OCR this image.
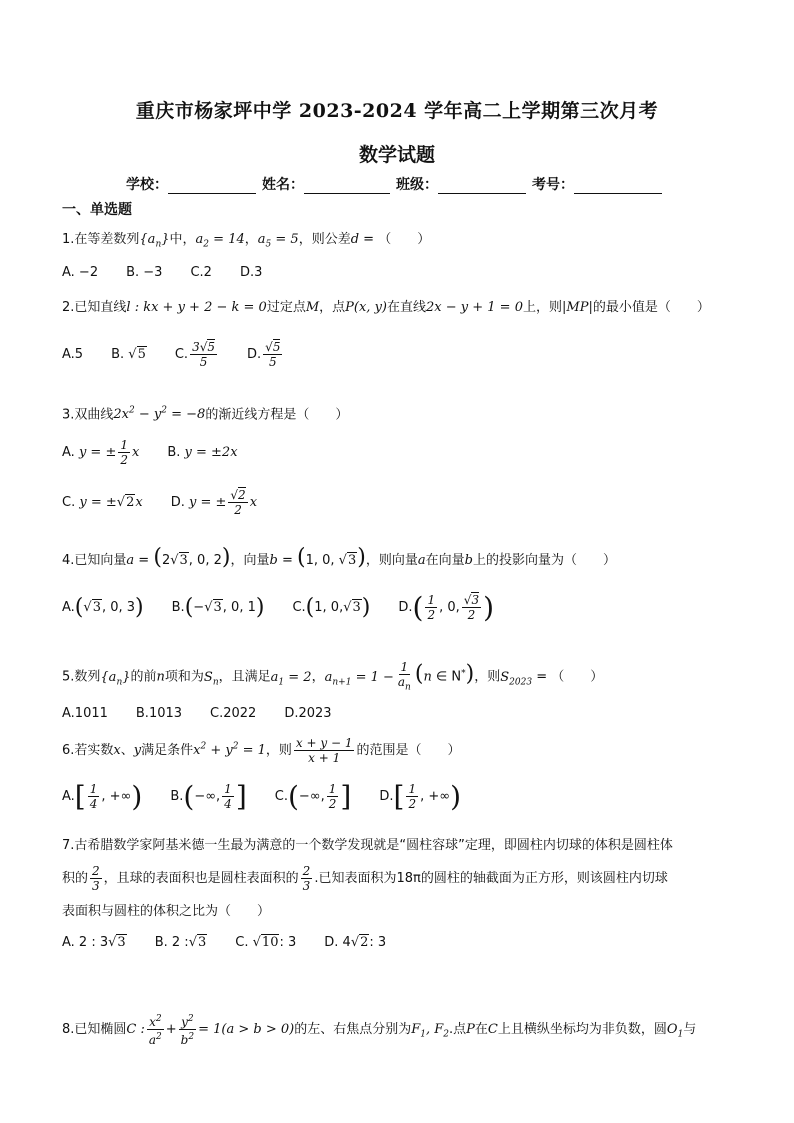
重庆市杨家坪中学 2023-2024 学年高二上学期第三次月考
数学试题
学校：	姓名：	班级：	考号：
一、单选题
1.在等差数列$\{a_n\}$中，$a_2 = 14$，$a_5 = 5$，则公差d = （　　）
A. −2 B. −3 C.2 D.3
2.已知直线l : kx + y + 2 − k = 0过定点M，点P(x, y)在直线2x − y + 1 = 0上，则|MP|的最小值是（　　）
A.5 B.
√5 C. $\frac{3√5}{5} D$. $\frac{√5}{5}$
3.双曲线$2x^2 - y^2 = -8$的渐近线方程是（　　）
A.
y = ± $\frac{1}{2}$ x B.
y = ±2x
C.
y = ± √2 x D.
y = ± $\frac{√2}{2}$ x
4.已知向量a = (2√3, 0, 2)，向量b = (1, 0, √3)，则向量a在向量b上的投影向量为（　　）
A. ( √3 , 0, 3 ) B. ( − √3 , 0, 1 ) C. ( 1, 0, √3 ) D. ( $\frac{1}{2}$ , 0, $\frac{√3}{2}$ )
5.数列$\{a_n\}$的前n项和为$S_n$，且满足$a_1 = 2$，$a_{n+1} = 1 - \frac{1}{a_n} (n$ ∈ N*)，则$S_{2023}$ = （　　）
A.1011 B.1013 C.2022 D.2023
6.若实数x、y满足条件$x^2 + y^2 = 1$，则 $\frac{x + y - 1}{x + 1}$ 的范围是（　　）
A. [ $\frac{1}{4}$ , +∞ ) B. ( −∞, $\frac{1}{4}$ ] C. ( −∞, $\frac{1}{2}$ ] D. [ $\frac{1}{2}$ , +∞ )
7.古希腊数学家阿基米德一生最为满意的一个数学发现就是“圆柱容球”定理，即圆柱内切球的体积是圆柱体
积的 $\frac{2}{3}$ ，且球的表面积也是圆柱表面积的 $\frac{2}{3}$ .已知表面积为18π的圆柱的轴截面为正方形，则该圆柱内切球
表面积与圆柱的体积之比为（　　）
A. 2 : 3 √3 B. 2 : √3 C.
√10 : 3 D. 4 √2 : 3
8.已知椭圆C : $\frac{x^2}{a^2} + \frac{y^2}{b^2} = 1(a > b > 0)$的左、右焦点分别为$F_1$, $F_2$.点P在C上且横纵坐标均为非负数，圆$O_1$与
